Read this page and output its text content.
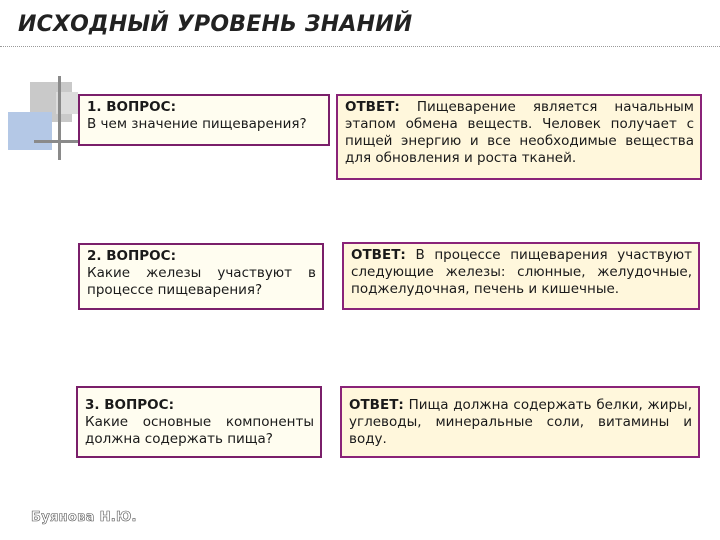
ИСХОДНЫЙ УРОВЕНЬ ЗНАНИЙ
1. ВОПРОС:
В чем значение пищеварения?
ОТВЕТ: Пищеварение является начальным этапом обмена веществ. Человек получает с пищей энергию и все необходимые вещества для обновления и роста тканей.
2. ВОПРОС:
Какие железы участвуют в процессе пищеварения?
ОТВЕТ: В процессе пищеварения участвуют следующие железы: слюнные, желудочные, поджелудочная, печень и кишечные.
3. ВОПРОС:
Какие основные компоненты должна содержать пища?
ОТВЕТ: Пища должна содержать белки, жиры, углеводы, минеральные соли, витамины и воду.
Буянова Н.Ю.
